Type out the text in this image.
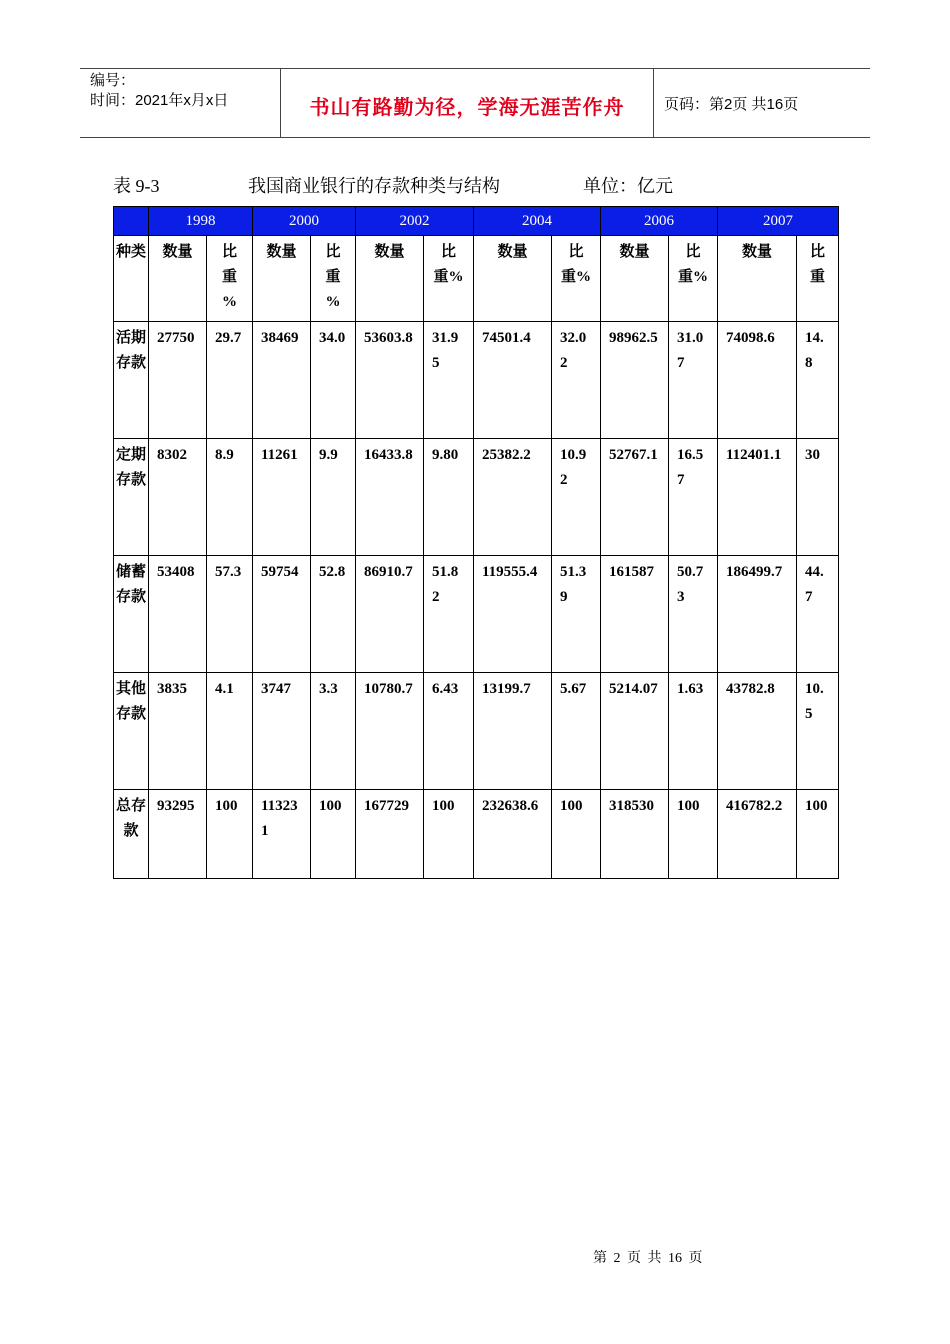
编号：
时间：2021年x月x日	书山有路勤为径，学海无涯苦作舟	页码：第2页 共16页
表 9-3	我国商业银行的存款种类与结构	单位：亿元
	1998		2000		2002		2004		2006		2007	
种类	数量	比重%	数量	比重%	数量	比重%	数量	比重%	数量	比重%	数量	比重
活期存款	27750	29.7	38469	34.0	53603.8	31.95	74501.4	32.02	98962.5	31.07	74098.6	14.8
定期存款	8302	8.9	11261	9.9	16433.8	9.80	25382.2	10.92	52767.1	16.57	112401.1	30
储蓄存款	53408	57.3	59754	52.8	86910.7	51.82	119555.4	51.39	161587	50.73	186499.7	44.7
其他存款	3835	4.1	3747	3.3	10780.7	6.43	13199.7	5.67	5214.07	1.63	43782.8	10.5
总存款	93295	100	113231	100	167729	100	232638.6	100	318530	100	416782.2	100
第 2 页 共 16 页
